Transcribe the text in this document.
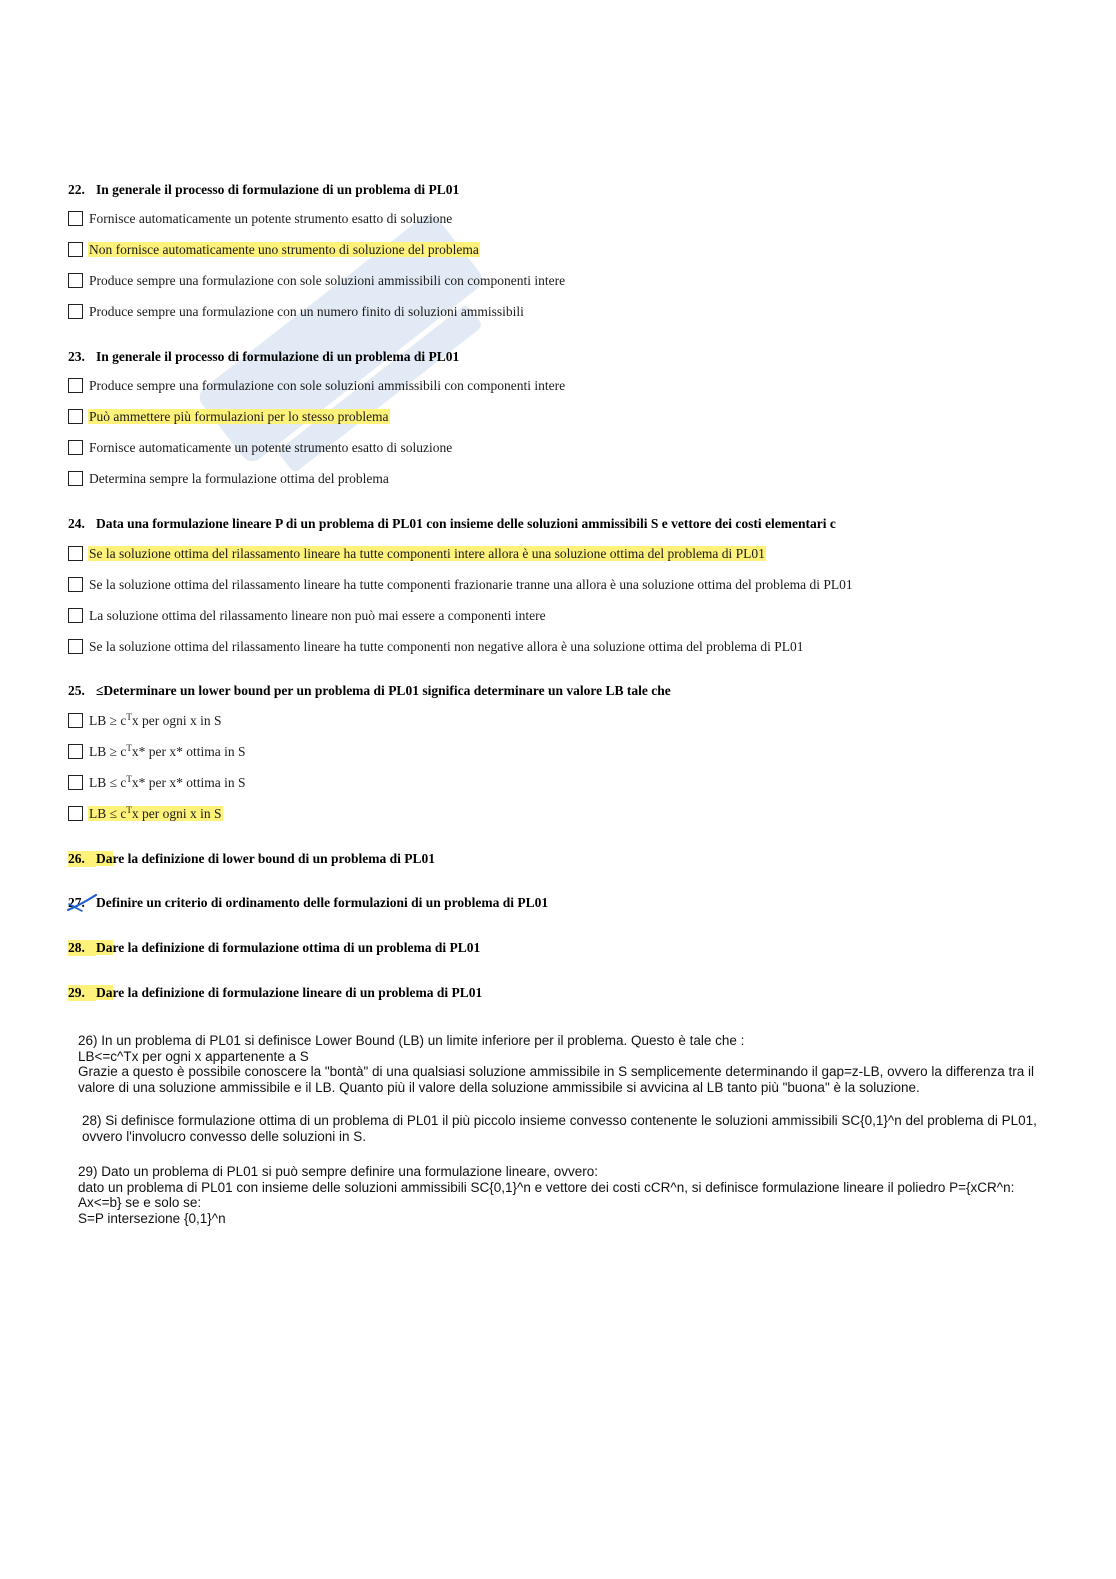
22. In generale il processo di formulazione di un problema di PL01
Fornisce automaticamente un potente strumento esatto di soluzione
Non fornisce automaticamente uno strumento di soluzione del problema
Produce sempre una formulazione con sole soluzioni ammissibili con componenti intere
Produce sempre una formulazione con un numero finito di soluzioni ammissibili
23. In generale il processo di formulazione di un problema di PL01
Produce sempre una formulazione con sole soluzioni ammissibili con componenti intere
Può ammettere più formulazioni per lo stesso problema
Fornisce automaticamente un potente strumento esatto di soluzione
Determina sempre la formulazione ottima del problema
24. Data una formulazione lineare P di un problema di PL01 con insieme delle soluzioni ammissibili S e vettore dei costi elementari c
Se la soluzione ottima del rilassamento lineare ha tutte componenti intere allora è una soluzione ottima del problema di PL01
Se la soluzione ottima del rilassamento lineare ha tutte componenti frazionarie tranne una allora è una soluzione ottima del problema di PL01
La soluzione ottima del rilassamento lineare non può mai essere a componenti intere
Se la soluzione ottima del rilassamento lineare ha tutte componenti non negative allora è una soluzione ottima del problema di PL01
25. ≤Determinare un lower bound per un problema di PL01 significa determinare un valore LB tale che
LB ≥ $c^Tx$ per ogni x in S
LB ≥ $c^Tx*$ per x* ottima in S
LB ≤ $c^Tx*$ per x* ottima in S
LB ≤ $c^Tx$ per ogni x in S
26. Dare la definizione di lower bound di un problema di PL01
27. Definire un criterio di ordinamento delle formulazioni di un problema di PL01
28. Dare la definizione di formulazione ottima di un problema di PL01
29. Dare la definizione di formulazione lineare di un problema di PL01
26) In un problema di PL01 si definisce Lower Bound (LB) un limite inferiore per il problema. Questo è tale che :
LB<=c^Tx per ogni x appartenente a S
Grazie a questo è possibile conoscere la "bontà" di una qualsiasi soluzione ammissibile in S semplicemente determinando il gap=z-LB, ovvero la differenza tra il
valore di una soluzione ammissibile e il LB. Quanto più il valore della soluzione ammissibile si avvicina al LB tanto più "buona" è la soluzione.
28) Si definisce formulazione ottima di un problema di PL01 il più piccolo insieme convesso contenente le soluzioni ammissibili SC{0,1}^n del problema di PL01,
ovvero l'involucro convesso delle soluzioni in S.
29) Dato un problema di PL01 si può sempre definire una formulazione lineare, ovvero:
dato un problema di PL01 con insieme delle soluzioni ammissibili SC{0,1}^n e vettore dei costi cCR^n, si definisce formulazione lineare il poliedro P={xCR^n:
Ax<=b} se e solo se:
S=P intersezione {0,1}^n
